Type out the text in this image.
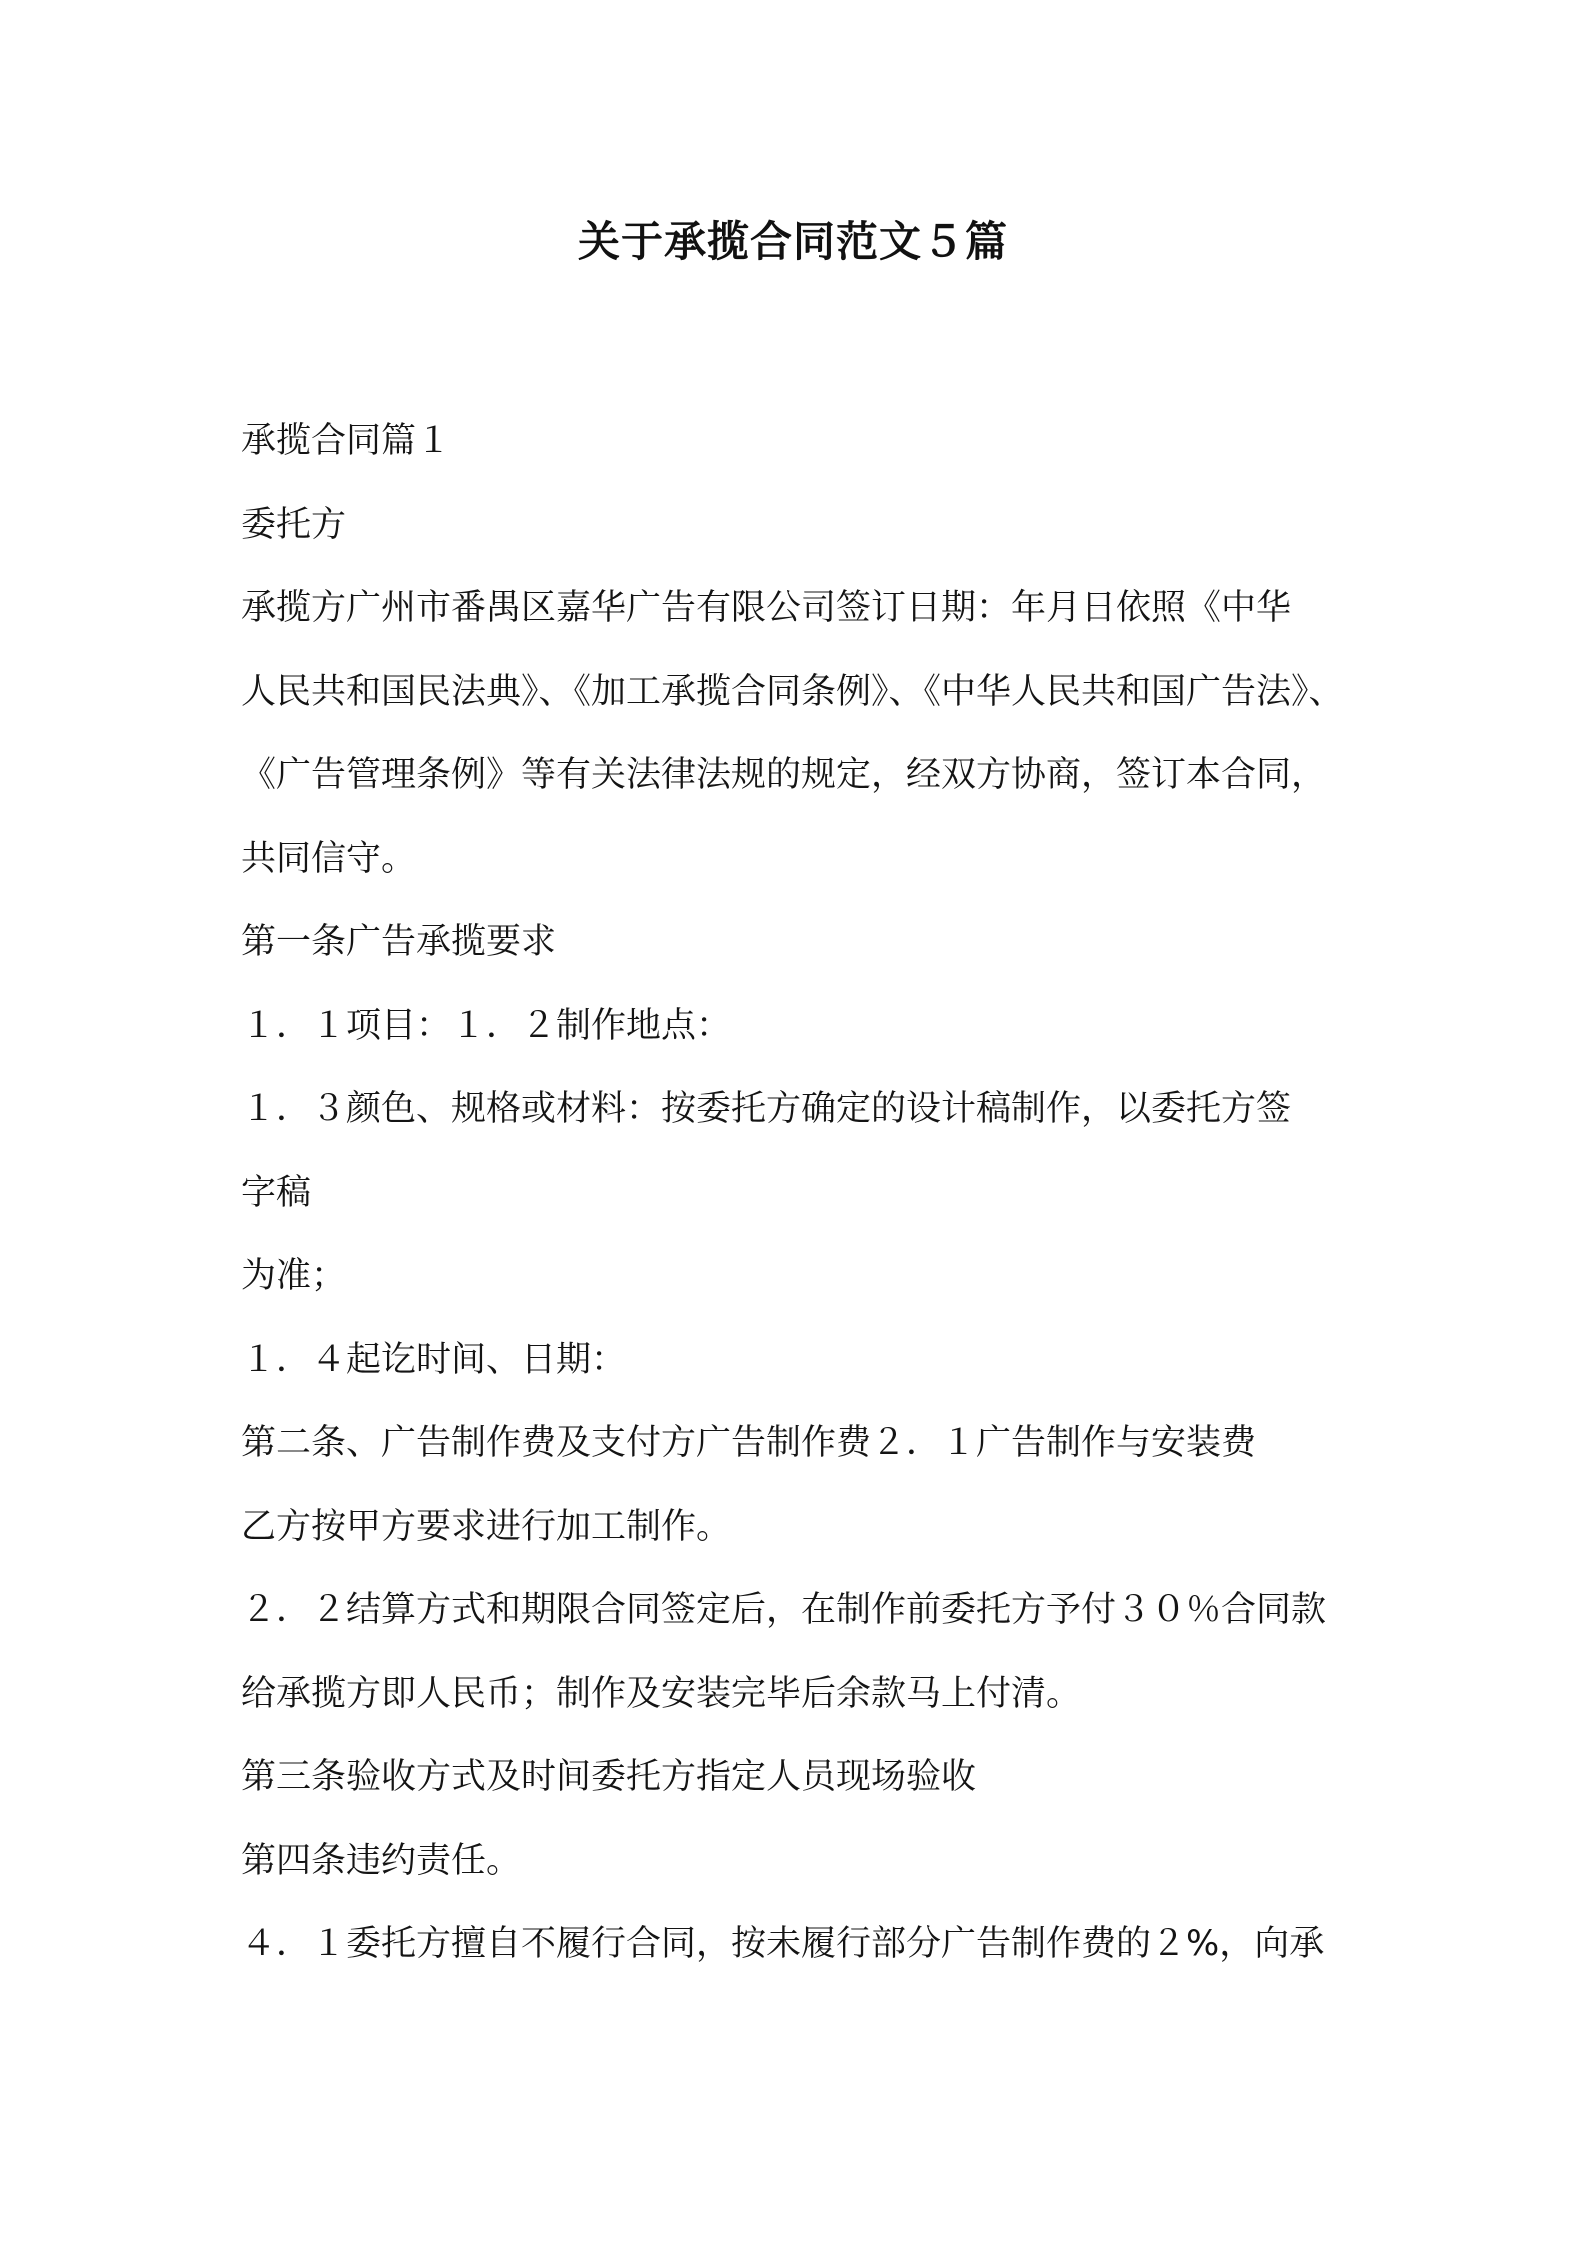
关于承揽合同范文５篇
承揽合同篇１
委托方
承揽方广州市番禺区嘉华广告有限公司签订日期：年月日依照《中华
人民共和国民法典》、《加工承揽合同条例》、《中华人民共和国广告法》、
《广告管理条例》等有关法律法规的规定，经双方协商，签订本合同，
共同信守。
第一条广告承揽要求
１．１项目：１．２制作地点：
１．３颜色、规格或材料：按委托方确定的设计稿制作，以委托方签
字稿
为准；
１．４起讫时间、日期：
第二条、广告制作费及支付方广告制作费２．１广告制作与安装费
乙方按甲方要求进行加工制作。
２．２结算方式和期限合同签定后，在制作前委托方予付３０％合同款
给承揽方即人民币；制作及安装完毕后余款马上付清。
第三条验收方式及时间委托方指定人员现场验收
第四条违约责任。
４．１委托方擅自不履行合同，按未履行部分广告制作费的２%，向承
